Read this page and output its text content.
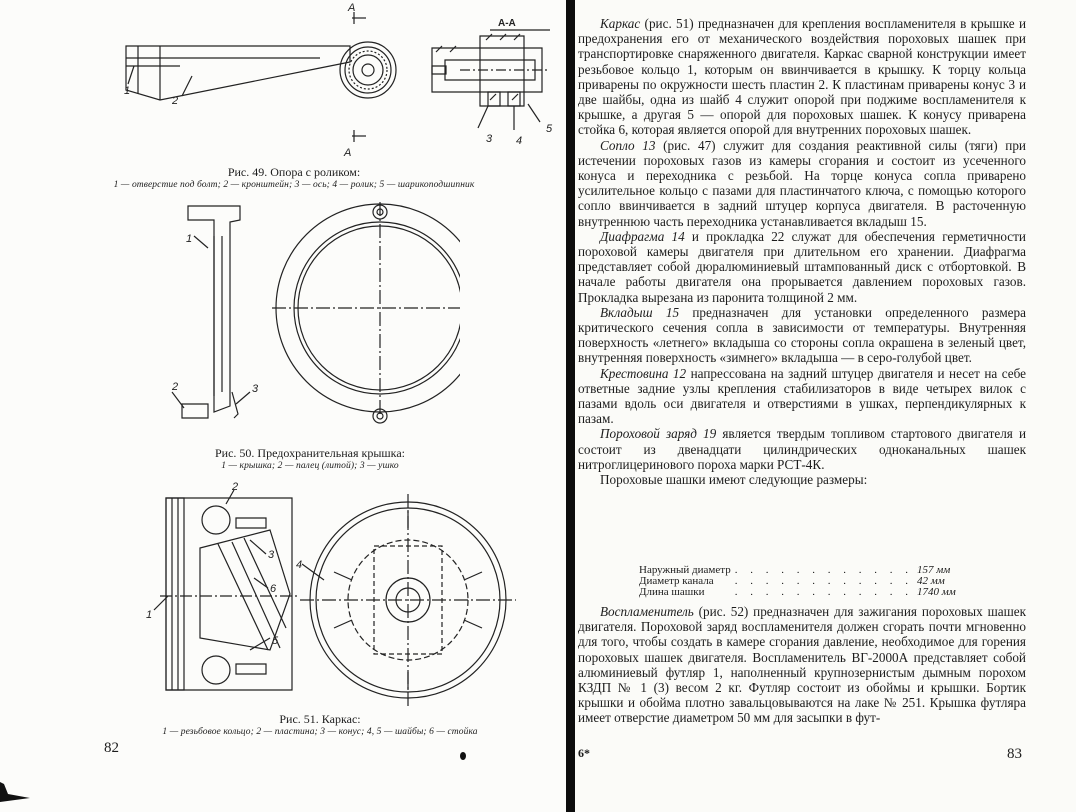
1
2
3 4
5
А-А
А
А
Рис. 49. Опора с роликом:
1 — отверстие под болт; 2 — кронштейн; 3 — ось; 4 — ролик; 5 — шарикоподшипник
1
2	3
Рис. 50. Предохранительная крышка:
1 — крышка; 2 — палец (литой); 3 — ушко
1
2
3
4
5
6
Рис. 51. Каркас:
1 — резьбовое кольцо; 2 — пластина; 3 — конус; 4, 5 — шайбы; 6 — стойка
82

Каркас (рис. 51) предназначен для крепления воспламенителя в крышке и предохранения его от механического воздействия пороховых шашек при транспортировке снаряженного двигателя. Каркас сварной конструкции имеет резьбовое кольцо 1, которым он ввинчивается в крышку. К торцу кольца приварены по окружности шесть пластин 2. К пластинам приварены конус 3 и две шайбы, одна из шайб 4 служит опорой при поджиме воспламенителя к крышке, а другая 5 — опорой для пороховых шашек. К конусу приварена стойка 6, которая является опорой для внутренних пороховых шашек.

Сопло 13 (рис. 47) служит для создания реактивной силы (тяги) при истечении пороховых газов из камеры сгорания и состоит из усеченного конуса и переходника с резьбой. На торце конуса сопла приварено усилительное кольцо с пазами для пластинчатого ключа, с помощью которого сопло ввинчивается в задний штуцер корпуса двигателя. В расточенную внутреннюю часть переходника устанавливается вкладыш 15.

Диафрагма 14 и прокладка 22 служат для обеспечения герметичности пороховой камеры двигателя при длительном его хранении. Диафрагма представляет собой дюралюминиевый штампованный диск с отбортовкой. В начале работы двигателя она прорывается давлением пороховых газов. Прокладка вырезана из паронита толщиной 2 мм.

Вкладыш 15 предназначен для установки определенного размера критического сечения сопла в зависимости от температуры. Внутренняя поверхность «летнего» вкладыша со стороны сопла окрашена в зеленый цвет, внутренняя поверхность «зимнего» вкладыша — в серо-голубой цвет.

Крестовина 12 напрессована на задний штуцер двигателя и несет на себе ответные задние узлы крепления стабилизаторов в виде четырех вилок с пазами вдоль оси двигателя и отверстиями в ушках, перпендикулярных к пазам.

Пороховой заряд 19 является твердым топливом стартового двигателя и состоит из двенадцати цилиндрических одноканальных шашек нитроглицеринового пороха марки РСТ-4К.

Пороховые шашки имеют следующие размеры:

Наружный диаметр	. . . . . . . . . . . .	157 мм
Диаметр канала	. . . . . . . . . . . .	42 мм
Длина шашки	. . . . . . . . . . . .	1740 мм

Воспламенитель (рис. 52) предназначен для зажигания пороховых шашек двигателя. Пороховой заряд воспламенителя должен сгорать почти мгновенно для того, чтобы создать в камере сгорания давление, необходимое для горения пороховых шашек двигателя. Воспламенитель ВГ-2000А представляет собой алюминиевый футляр 1, наполненный крупнозернистым дымным порохом КЗДП № 1 (3) весом 2 кг. Футляр состоит из обоймы и крышки. Бортик крышки и обойма плотно завальцовываются на лаке № 251. Крышка футляра имеет отверстие диаметром 50 мм для засыпки в фут-

6*	83
